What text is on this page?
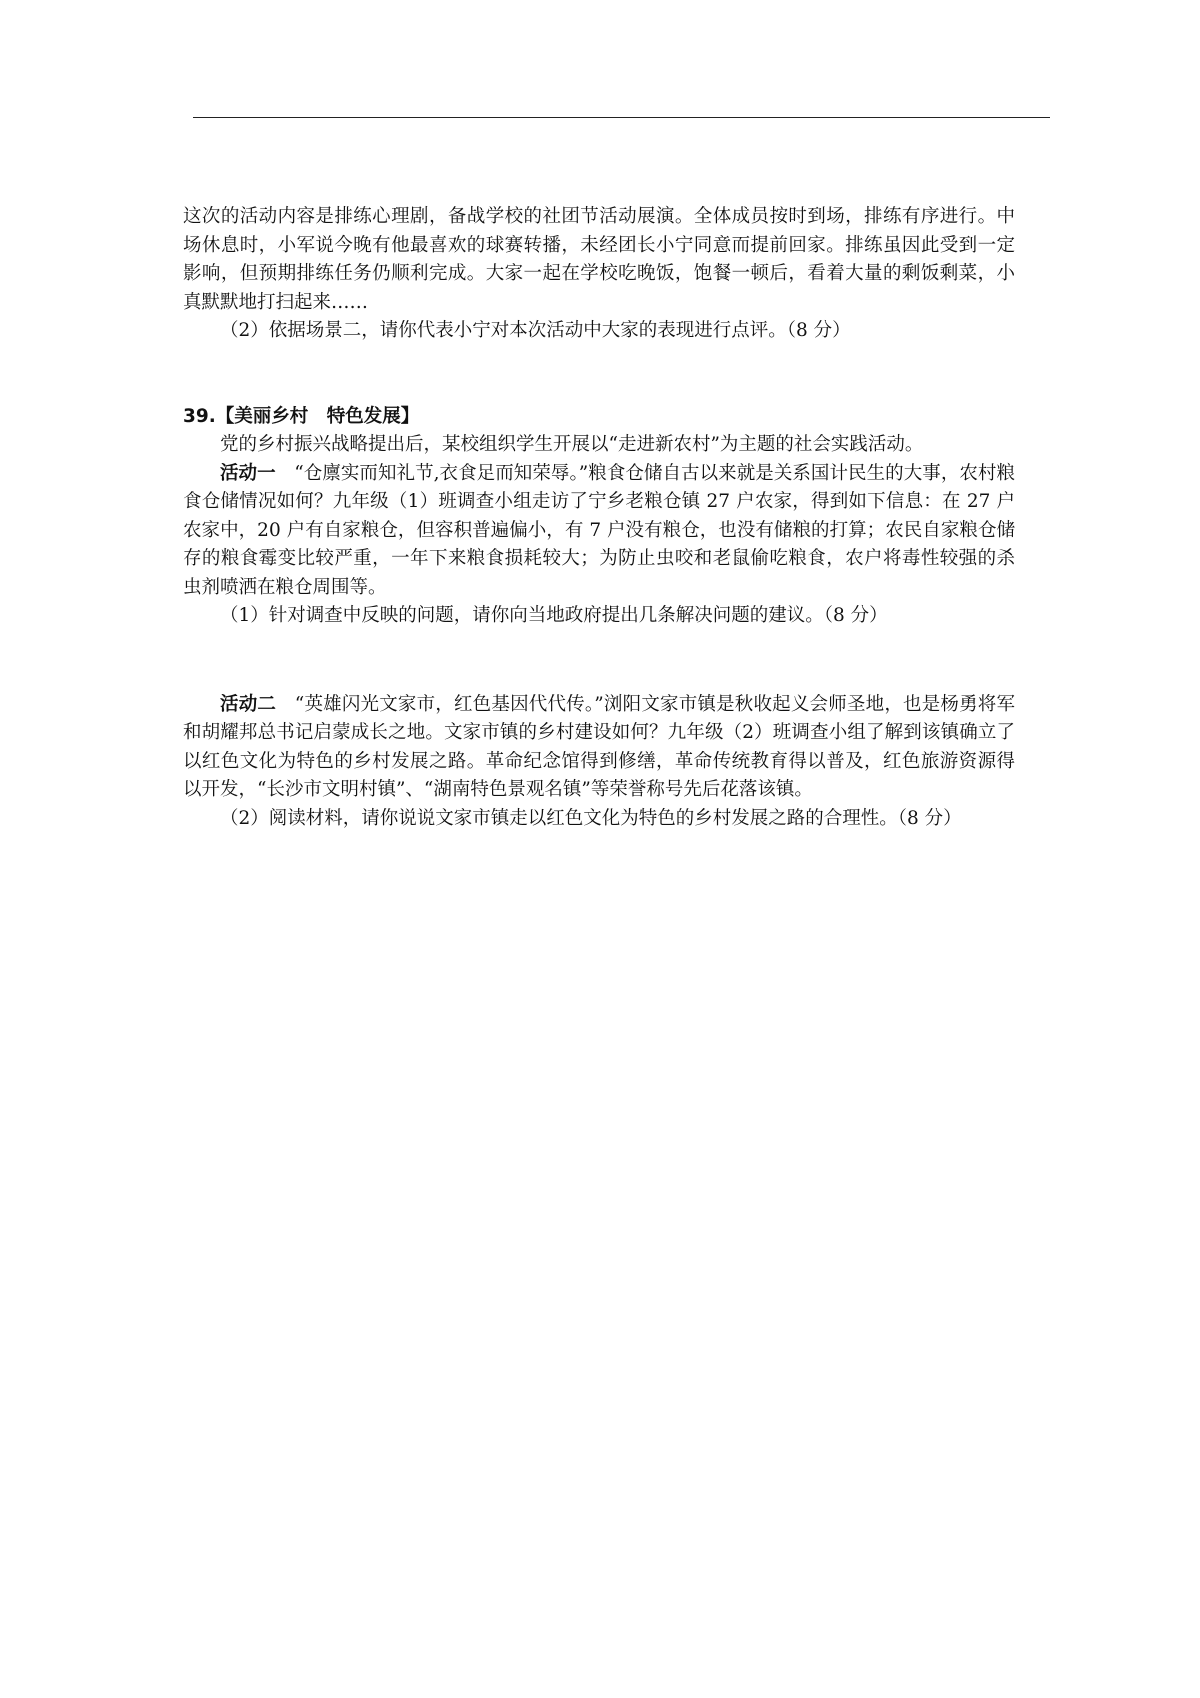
这次的活动内容是排练心理剧，备战学校的社团节活动展演。全体成员按时到场，排练有序进行。中场休息时，小军说今晚有他最喜欢的球赛转播，未经团长小宁同意而提前回家。排练虽因此受到一定影响，但预期排练任务仍顺利完成。大家一起在学校吃晚饭，饱餐一顿后，看着大量的剩饭剩菜，小真默默地打扫起来……

（2）依据场景二，请你代表小宁对本次活动中大家的表现进行点评。（8 分）

39.【美丽乡村　特色发展】

党的乡村振兴战略提出后，某校组织学生开展以“走进新农村”为主题的社会实践活动。

活动一　“仓廪实而知礼节,衣食足而知荣辱。”粮食仓储自古以来就是关系国计民生的大事，农村粮食仓储情况如何？九年级（1）班调查小组走访了宁乡老粮仓镇 27 户农家，得到如下信息：在 27 户农家中，20 户有自家粮仓，但容积普遍偏小，有 7 户没有粮仓，也没有储粮的打算；农民自家粮仓储存的粮食霉变比较严重，一年下来粮食损耗较大；为防止虫咬和老鼠偷吃粮食，农户将毒性较强的杀虫剂喷洒在粮仓周围等。

（1）针对调查中反映的问题，请你向当地政府提出几条解决问题的建议。（8 分）

活动二　“英雄闪光文家市，红色基因代代传。”浏阳文家市镇是秋收起义会师圣地，也是杨勇将军和胡耀邦总书记启蒙成长之地。文家市镇的乡村建设如何？九年级（2）班调查小组了解到该镇确立了以红色文化为特色的乡村发展之路。革命纪念馆得到修缮，革命传统教育得以普及，红色旅游资源得以开发，“长沙市文明村镇”、“湖南特色景观名镇”等荣誉称号先后花落该镇。

（2）阅读材料，请你说说文家市镇走以红色文化为特色的乡村发展之路的合理性。（8 分）
